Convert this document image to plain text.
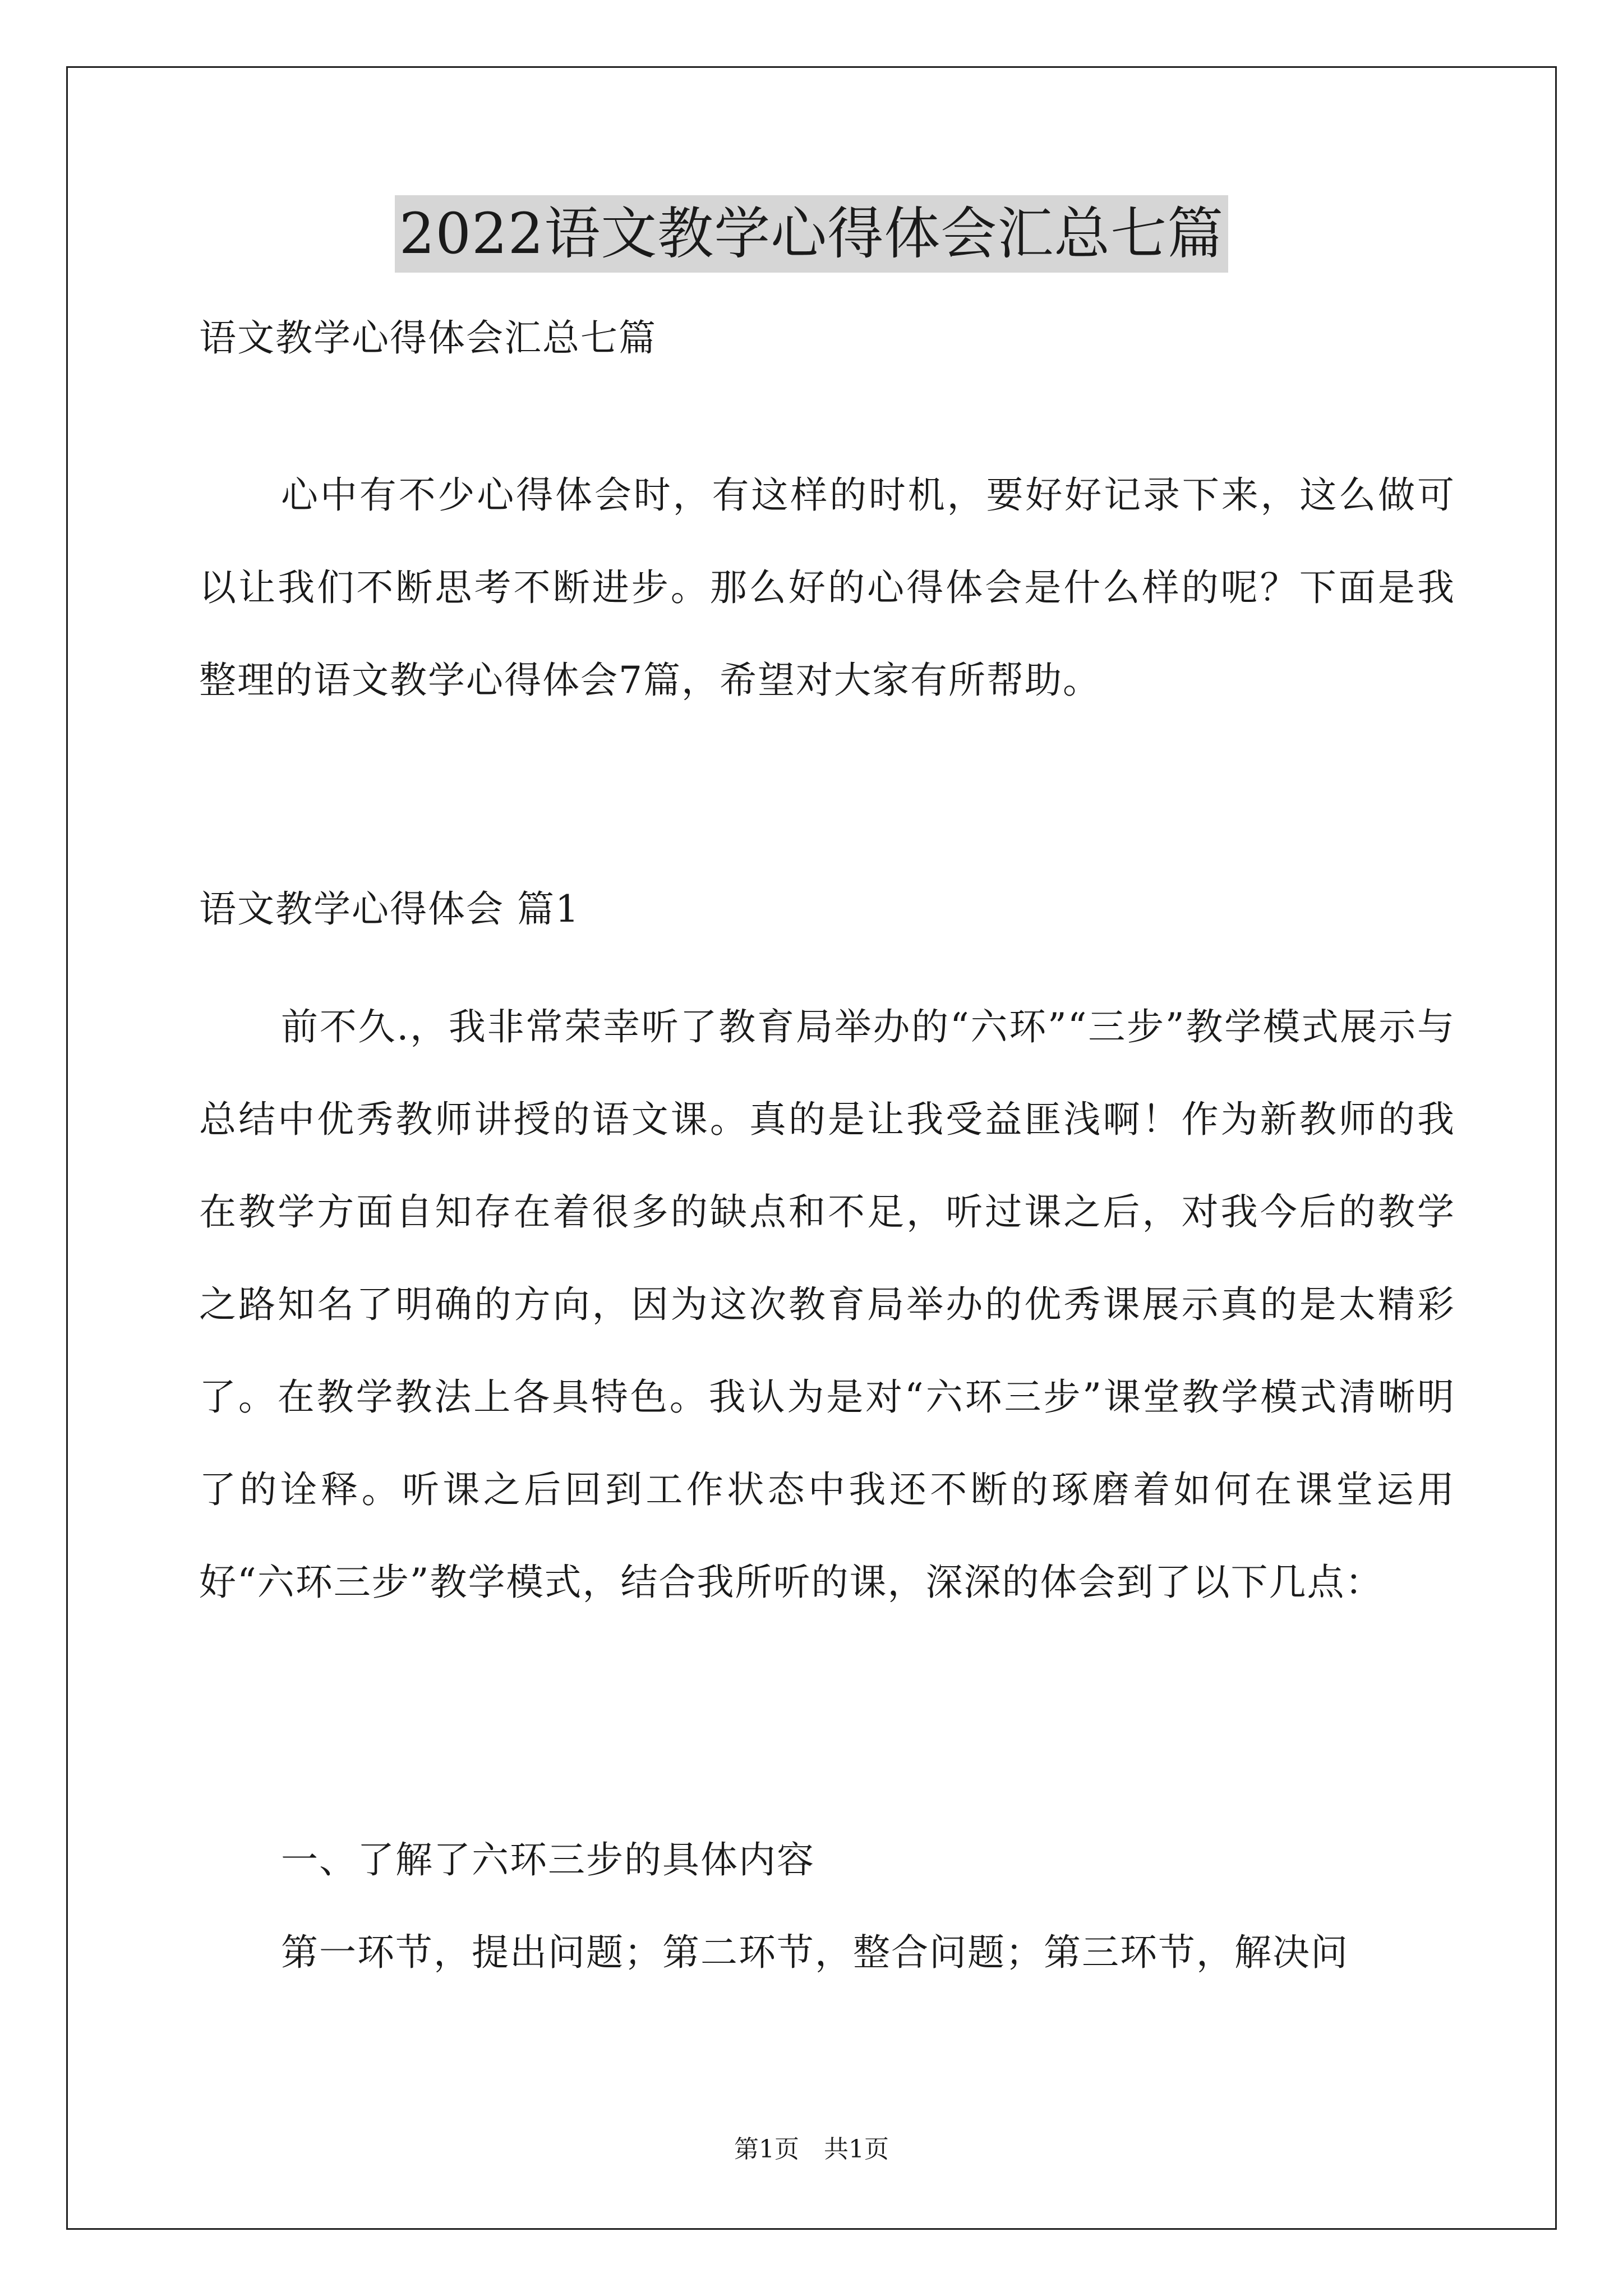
2022语文教学心得体会汇总七篇
语文教学心得体会汇总七篇
心中有不少心得体会时，有这样的时机，要好好记录下来，这么做可以让我们不断思考不断进步。那么好的心得体会是什么样的呢？下面是我整理的语文教学心得体会7篇，希望对大家有所帮助。
语文教学心得体会 篇1
前不久.，我非常荣幸听了教育局举办的“六环”“三步”教学模式展示与总结中优秀教师讲授的语文课。真的是让我受益匪浅啊！作为新教师的我在教学方面自知存在着很多的缺点和不足，听过课之后，对我今后的教学之路知名了明确的方向，因为这次教育局举办的优秀课展示真的是太精彩了。在教学教法上各具特色。我认为是对“六环三步”课堂教学模式清晰明了的诠释。听课之后回到工作状态中我还不断的琢磨着如何在课堂运用好“六环三步”教学模式，结合我所听的课，深深的体会到了以下几点：
一、了解了六环三步的具体内容
第一环节，提出问题；第二环节，整合问题；第三环节，解决问
第1页　共1页
